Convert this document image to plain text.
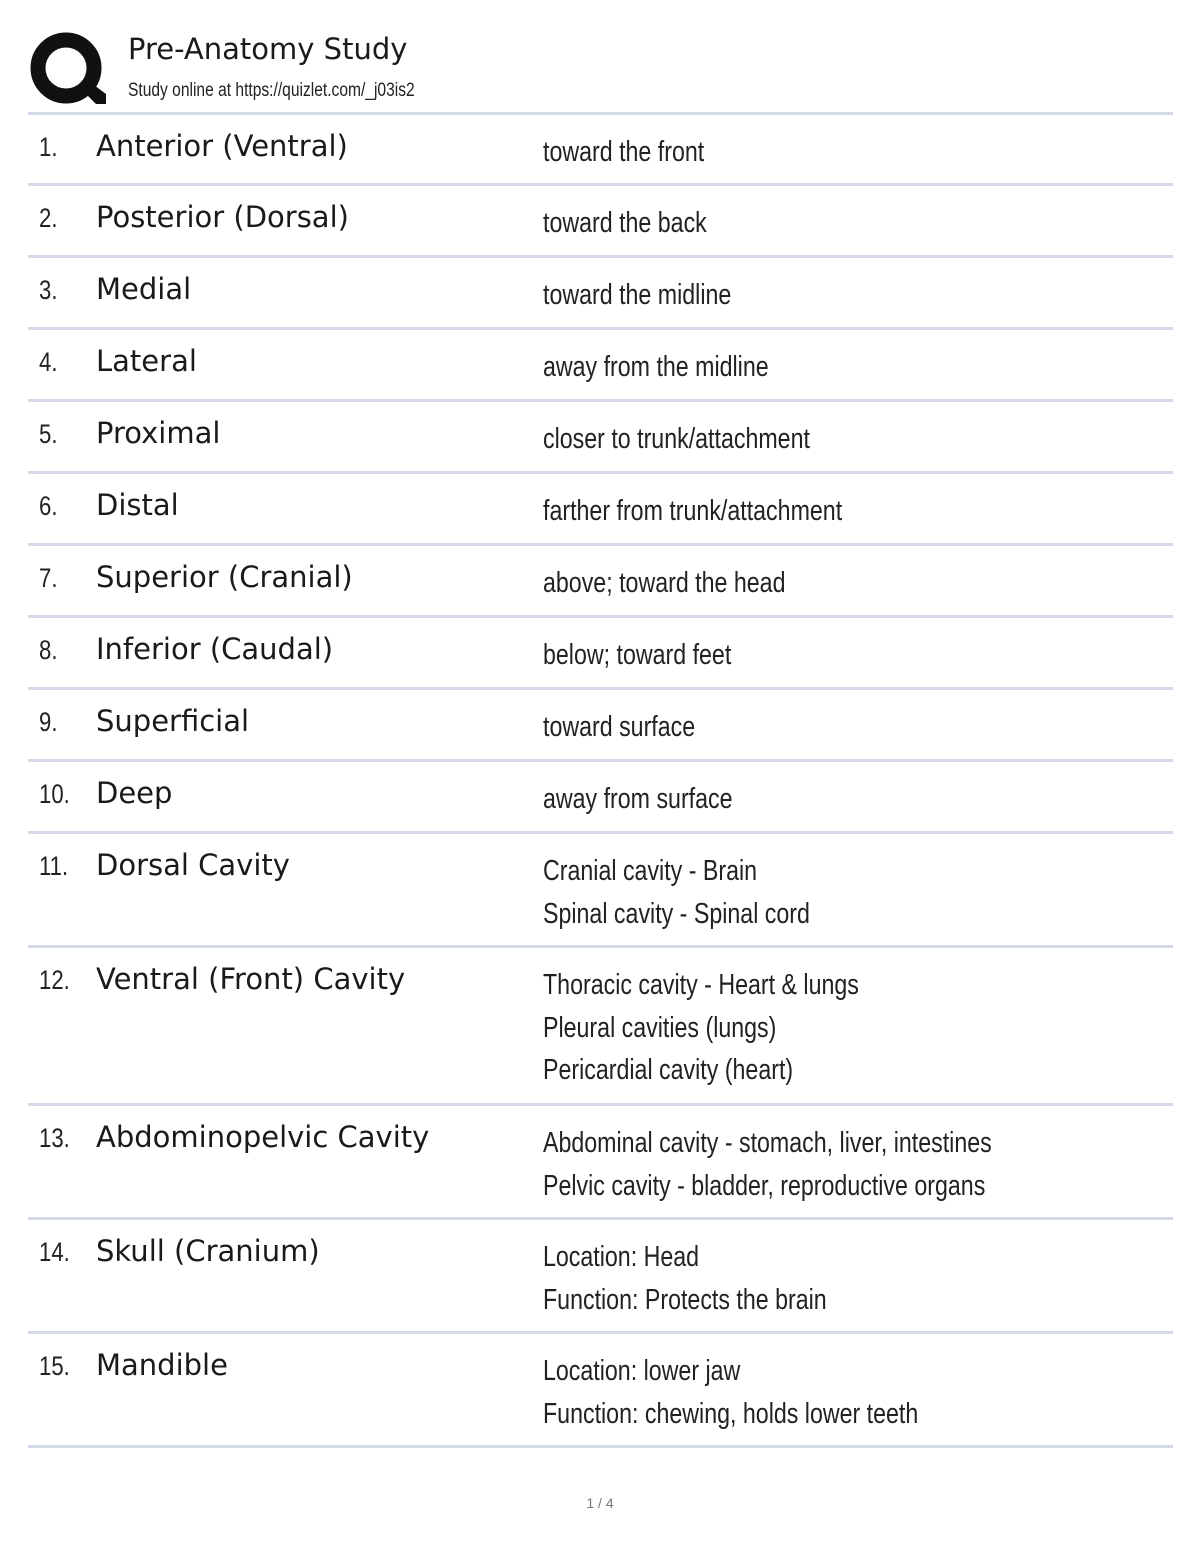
Pre-Anatomy Study
Study online at https://quizlet.com/_j03is2
1. Anterior (Ventral)	toward the front
2. Posterior (Dorsal)	toward the back
3. Medial	toward the midline
4. Lateral	away from the midline
5. Proximal	closer to trunk/attachment
6. Distal	farther from trunk/attachment
7. Superior (Cranial)	above; toward the head
8. Inferior (Caudal)	below; toward feet
9. Superficial	toward surface
10. Deep	away from surface
11. Dorsal Cavity	Cranial cavity - Brain
Spinal cavity - Spinal cord
12. Ventral (Front) Cavity	Thoracic cavity - Heart & lungs
Pleural cavities (lungs)
Pericardial cavity (heart)
13. Abdominopelvic Cavity	Abdominal cavity - stomach, liver, intestines
Pelvic cavity - bladder, reproductive organs
14. Skull (Cranium)	Location: Head
Function: Protects the brain
15. Mandible	Location: lower jaw
Function: chewing, holds lower teeth
1 / 4
